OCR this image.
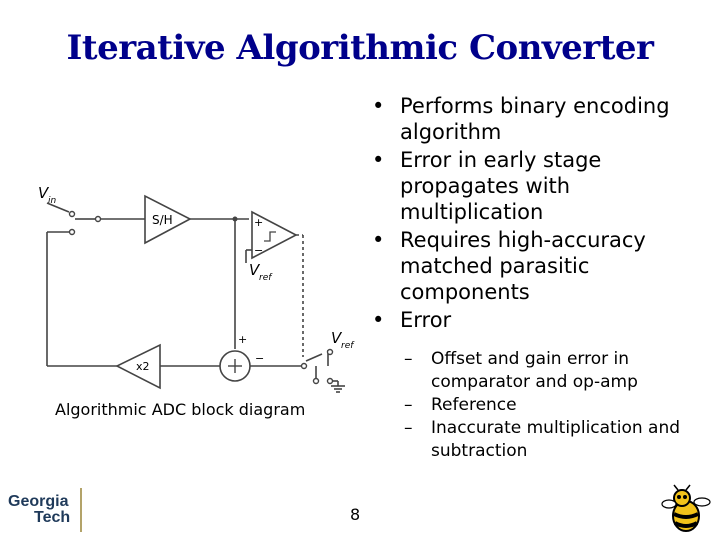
Iterative Algorithmic Converter
• Performs binary encoding algorithm
• Error in early stage propagates with multiplication
• Requires high-accuracy matched parasitic components
• Error
– Offset and gain error in comparator and op-amp
– Reference
– Inaccurate multiplication and subtraction
V in
S/H
x2
+
−
V ref
+
−
V ref
Algorithmic ADC block diagram
8
Georgia
Tech
